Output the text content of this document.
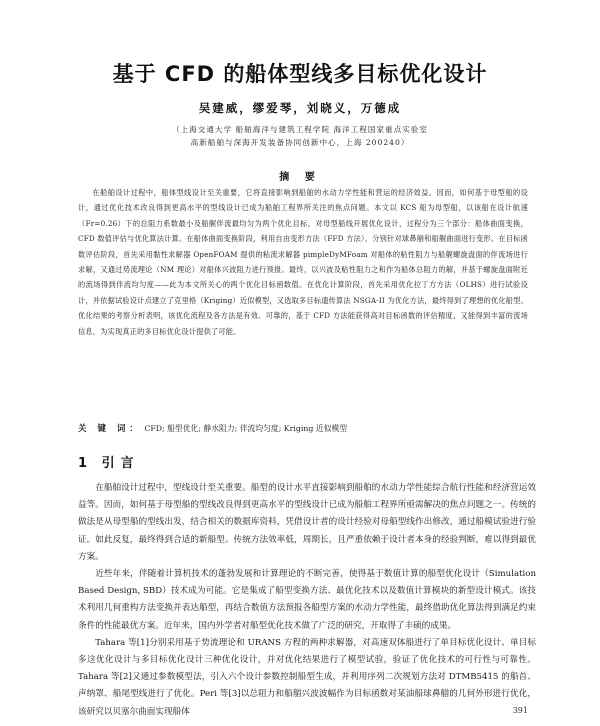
基于 CFD 的船体型线多目标优化设计
吴建威，缪爱琴，刘晓义，万德成
（上海交通大学 船舶海洋与建筑工程学院 海洋工程国家重点实验室
高新船舶与深海开发装备协同创新中心，上海 200240）
摘 要
在船舶设计过程中，船体型线设计至关重要，它将直接影响到船舶的水动力学性能和营运的经济效益。因而，如何基于母型船的设计，通过优化技术改良得到更高水平的型线设计已成为船舶工程界所关注的焦点问题。本文以 KCS 船为母型船，以该船在设计航速（Fr=0.26）下的总阻力系数最小及船艉伴流最均匀为两个优化目标，对母型船线开展优化设计，过程分为三个部分：船体曲面变换，CFD 数值评估与优化算法计算。在船体曲面变换阶段，利用自由变形方法（FFD 方法），分别针对球鼻艏和船艉曲面进行变形。在目标函数评估阶段，首先采用黏性求解器 OpenFOAM 提供的粘流求解器 pimpleDyMFoam 对船体的粘性阻力与船艉螺旋盘面的伴流场进行求解，又通过势流理论（NM 理论）对船体兴波阻力进行预报。最终，以兴波及粘性阻力之和作为船体总阻力的解，并基于螺旋盘面附近的流场得到伴流均匀度——此为本文所关心的两个优化目标函数值。在优化计算阶段，首先采用优化拉丁方方法（OLHS）进行试验设计，并依据试验设计点建立了克里格（Kriging）近似模型，又选取多目标遗传算法 NSGA-II 为优化方法，最终得到了理想的优化船型。优化结果的考察分析表明，该优化流程及各方法是有效、可靠的，基于 CFD 方法能获得高对目标函数的评估精度，又能得到丰富的流场信息，为实现真正的多目标优化设计提供了可能。
关 键 词： CFD; 船型优化; 静水阻力; 伴流均匀度; Kriging 近似模型
1 引言

在船舶设计过程中，型线设计至关重要。船型的设计水平直接影响到船舶的水动力学性能综合航行性能和经济营运效益等。因而，如何基于母型船的型线改良得到更高水平的型线设计已成为船舶工程界所亟需解决的焦点问题之一。传统的做法是从母型船的型线出发，结合相关的数据库资料，凭借设计者的设计经验对母船型线作出修改，通过船模试验进行验证。如此反复，最终得到合适的新船型。传统方法效率低，周期长，且严重依赖于设计者本身的经验判断，难以得到最优方案。

近些年来，伴随着计算机技术的蓬勃发展和计算理论的不断完善，使得基于数值计算的船型优化设计（Simulation Based Design, SBD）技术成为可能。它是集成了船型变换方法、最优化技术以及数值计算模块的新型设计模式。该技术利用几何重构方法变换并表达船型，再结合数值方法预报各船型方案的水动力学性能，最终借助优化算法得到满足约束条件的性能最优方案。近年来，国内外学者对船型优化技术做了广泛的研究，开取得了丰硕的成果。

Tahara 等[1]分别采用基于势流理论和 URANS 方程的两种求解器，对高速双体船进行了单目标优化设计、单目标多这优化设计与多目标优化设计三种优化设计，并对优化结果进行了模型试验，验证了优化技术的可行性与可靠性。Tahara 等[2]又通过参数模型法，引入六个设计参数控制船型生成，并利用序列二次规划方法对 DTMB5415 的船首、声纳罩、船尾型线进行了优化。Peri 等[3]以总阻力和船艏兴波波幅作为目标函数对某油船球鼻艏的几何外形进行优化，该研究以贝塞尔曲面实现船体	391
